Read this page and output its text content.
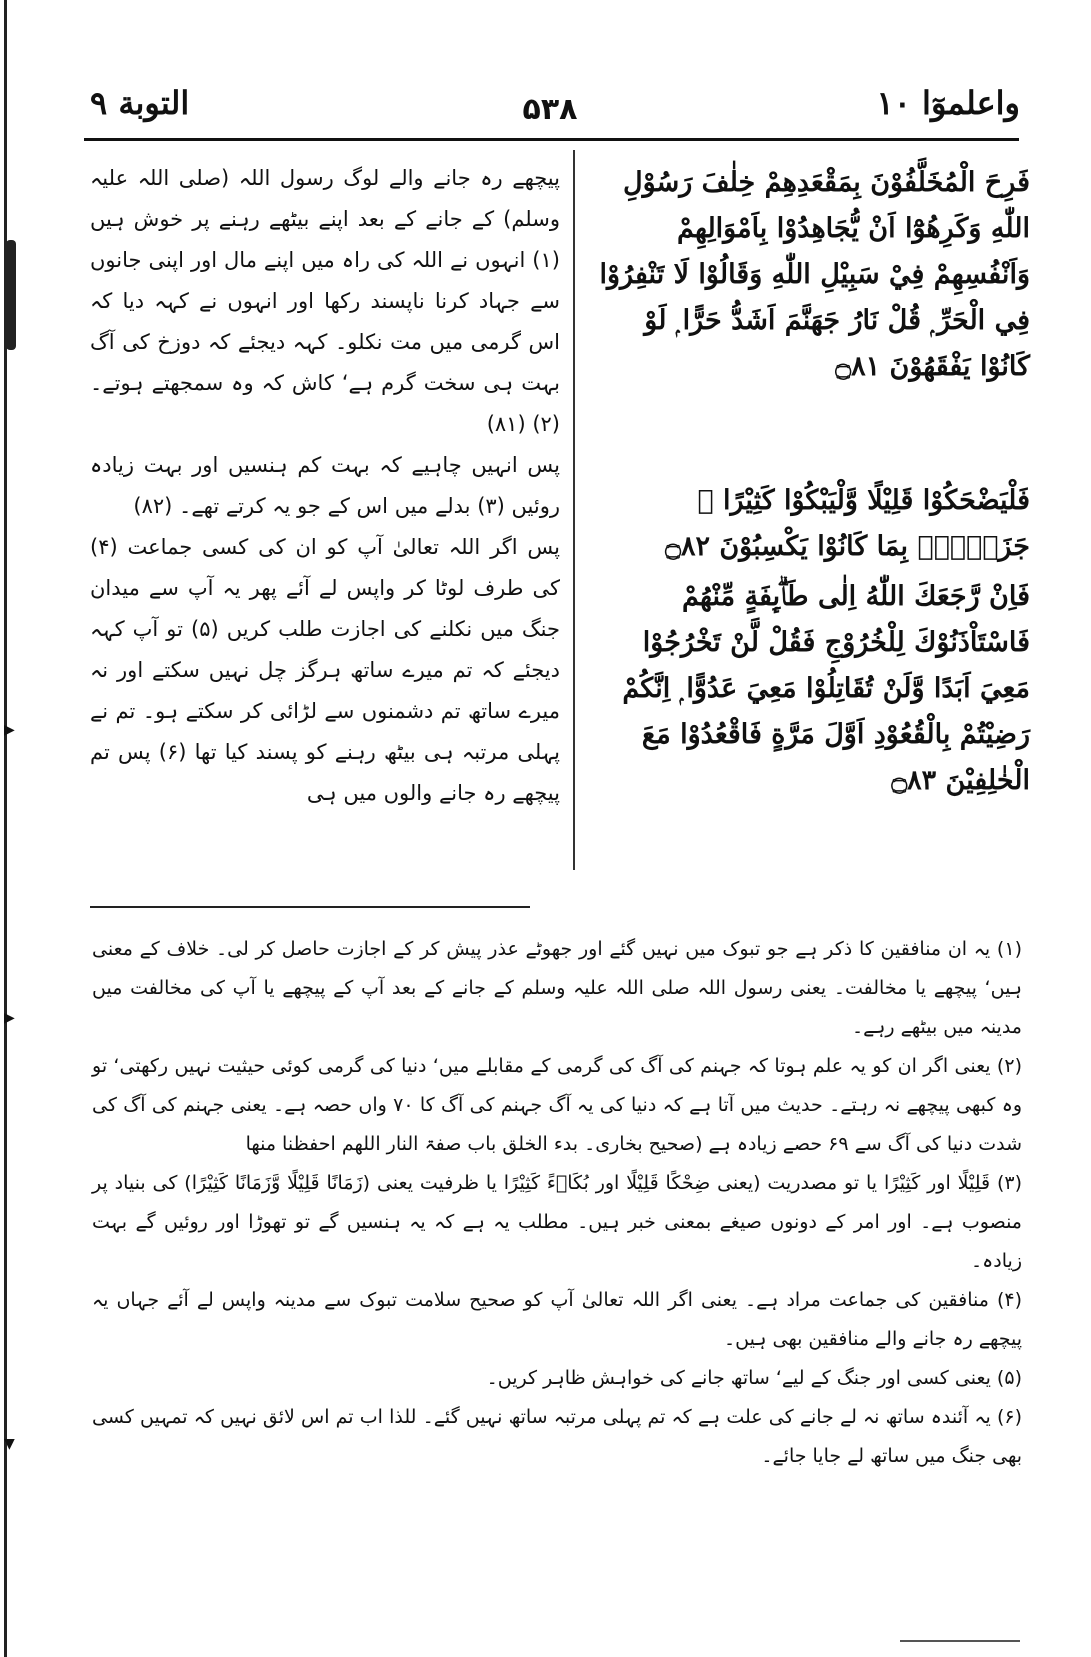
▶
▶
▼
التوبة ٩	۵۳۸	واعلموٓا ١٠
فَرِحَ الْمُخَلَّفُوْنَ بِمَقْعَدِهِمْ خِلٰفَ رَسُوْلِ اللّٰهِ وَكَرِهُوْٓا اَنْ يُّجَاهِدُوْا بِاَمْوَالِهِمْ وَاَنْفُسِهِمْ فِيْ سَبِيْلِ اللّٰهِ وَقَالُوْا لَا تَنْفِرُوْا فِي الْحَرِّ ۭ قُلْ نَارُ جَهَنَّمَ اَشَدُّ حَرًّا ۭ لَوْ كَانُوْا يَفْقَهُوْنَ ۝٨١
فَلْيَضْحَكُوْا قَلِيْلًا وَّلْيَبْكُوْا كَثِيْرًا ۚ جَزَاۗءًۢ بِمَا كَانُوْا يَكْسِبُوْنَ ۝٨٢
فَاِنْ رَّجَعَكَ اللّٰهُ اِلٰى طَاۗىِٕفَةٍ مِّنْهُمْ فَاسْتَاْذَنُوْكَ لِلْخُرُوْجِ فَقُلْ لَّنْ تَخْرُجُوْا مَعِيَ اَبَدًا وَّلَنْ تُقَاتِلُوْا مَعِيَ عَدُوًّا ۭ اِنَّكُمْ رَضِيْتُمْ بِالْقُعُوْدِ اَوَّلَ مَرَّةٍ فَاقْعُدُوْا مَعَ الْخٰلِفِيْنَ ۝٨٣

پیچھے رہ جانے والے لوگ رسول اللہ (صلی اللہ علیہ وسلم) کے جانے کے بعد اپنے بیٹھے رہنے پر خوش ہیں (۱) انہوں نے اللہ کی راہ میں اپنے مال اور اپنی جانوں سے جہاد کرنا ناپسند رکھا اور انہوں نے کہہ دیا کہ اس گرمی میں مت نکلو۔ کہہ دیجئے کہ دوزخ کی آگ بہت ہی سخت گرم ہے‘ کاش کہ وہ سمجھتے ہوتے۔ (۲) (۸۱)

پس انہیں چاہیے کہ بہت کم ہنسیں اور بہت زیادہ روئیں (۳) بدلے میں اس کے جو یہ کرتے تھے۔ (۸۲)

پس اگر اللہ تعالیٰ آپ کو ان کی کسی جماعت (۴) کی طرف لوٹا کر واپس لے آئے پھر یہ آپ سے میدان جنگ میں نکلنے کی اجازت طلب کریں (۵) تو آپ کہہ دیجئے کہ تم میرے ساتھ ہرگز چل نہیں سکتے اور نہ میرے ساتھ تم دشمنوں سے لڑائی کر سکتے ہو۔ تم نے پہلی مرتبہ ہی بیٹھ رہنے کو پسند کیا تھا (۶) پس تم پیچھے رہ جانے والوں میں ہی

(۱) یہ ان منافقین کا ذکر ہے جو تبوک میں نہیں گئے اور جھوٹے عذر پیش کر کے اجازت حاصل کر لی۔ خلاف کے معنی ہیں‘ پیچھے یا مخالفت۔ یعنی رسول اللہ صلی اللہ علیہ وسلم کے جانے کے بعد آپ کے پیچھے یا آپ کی مخالفت میں مدینہ میں بیٹھے رہے۔

(۲) یعنی اگر ان کو یہ علم ہوتا کہ جہنم کی آگ کی گرمی کے مقابلے میں‘ دنیا کی گرمی کوئی حیثیت نہیں رکھتی‘ تو وہ کبھی پیچھے نہ رہتے۔ حدیث میں آتا ہے کہ دنیا کی یہ آگ جہنم کی آگ کا ۷۰ واں حصہ ہے۔ یعنی جہنم کی آگ کی شدت دنیا کی آگ سے ۶۹ حصے زیادہ ہے (صحیح بخاری۔ بدء الخلق باب صفۃ النار اللھم احفظنا منھا

(۳) قَلِيْلًا اور كَثِيْرًا یا تو مصدریت (یعنی ضِحْكًا قَلِيْلًا اور بُكَاۗءً كَثِيْرًا یا ظرفیت یعنی (زَمَانًا قَلِيْلًا وَّزَمَانًا كَثِيْرًا) کی بنیاد پر منصوب ہے۔ اور امر کے دونوں صیغے بمعنی خبر ہیں۔ مطلب یہ ہے کہ یہ ہنسیں گے تو تھوڑا اور روئیں گے بہت زیادہ۔

(۴) منافقین کی جماعت مراد ہے۔ یعنی اگر اللہ تعالیٰ آپ کو صحیح سلامت تبوک سے مدینہ واپس لے آئے جہاں یہ پیچھے رہ جانے والے منافقین بھی ہیں۔

(۵) یعنی کسی اور جنگ کے لیے‘ ساتھ جانے کی خواہش ظاہر کریں۔

(۶) یہ آئندہ ساتھ نہ لے جانے کی علت ہے کہ تم پہلی مرتبہ ساتھ نہیں گئے۔ للذا اب تم اس لائق نہیں کہ تمہیں کسی بھی جنگ میں ساتھ لے جایا جائے۔
